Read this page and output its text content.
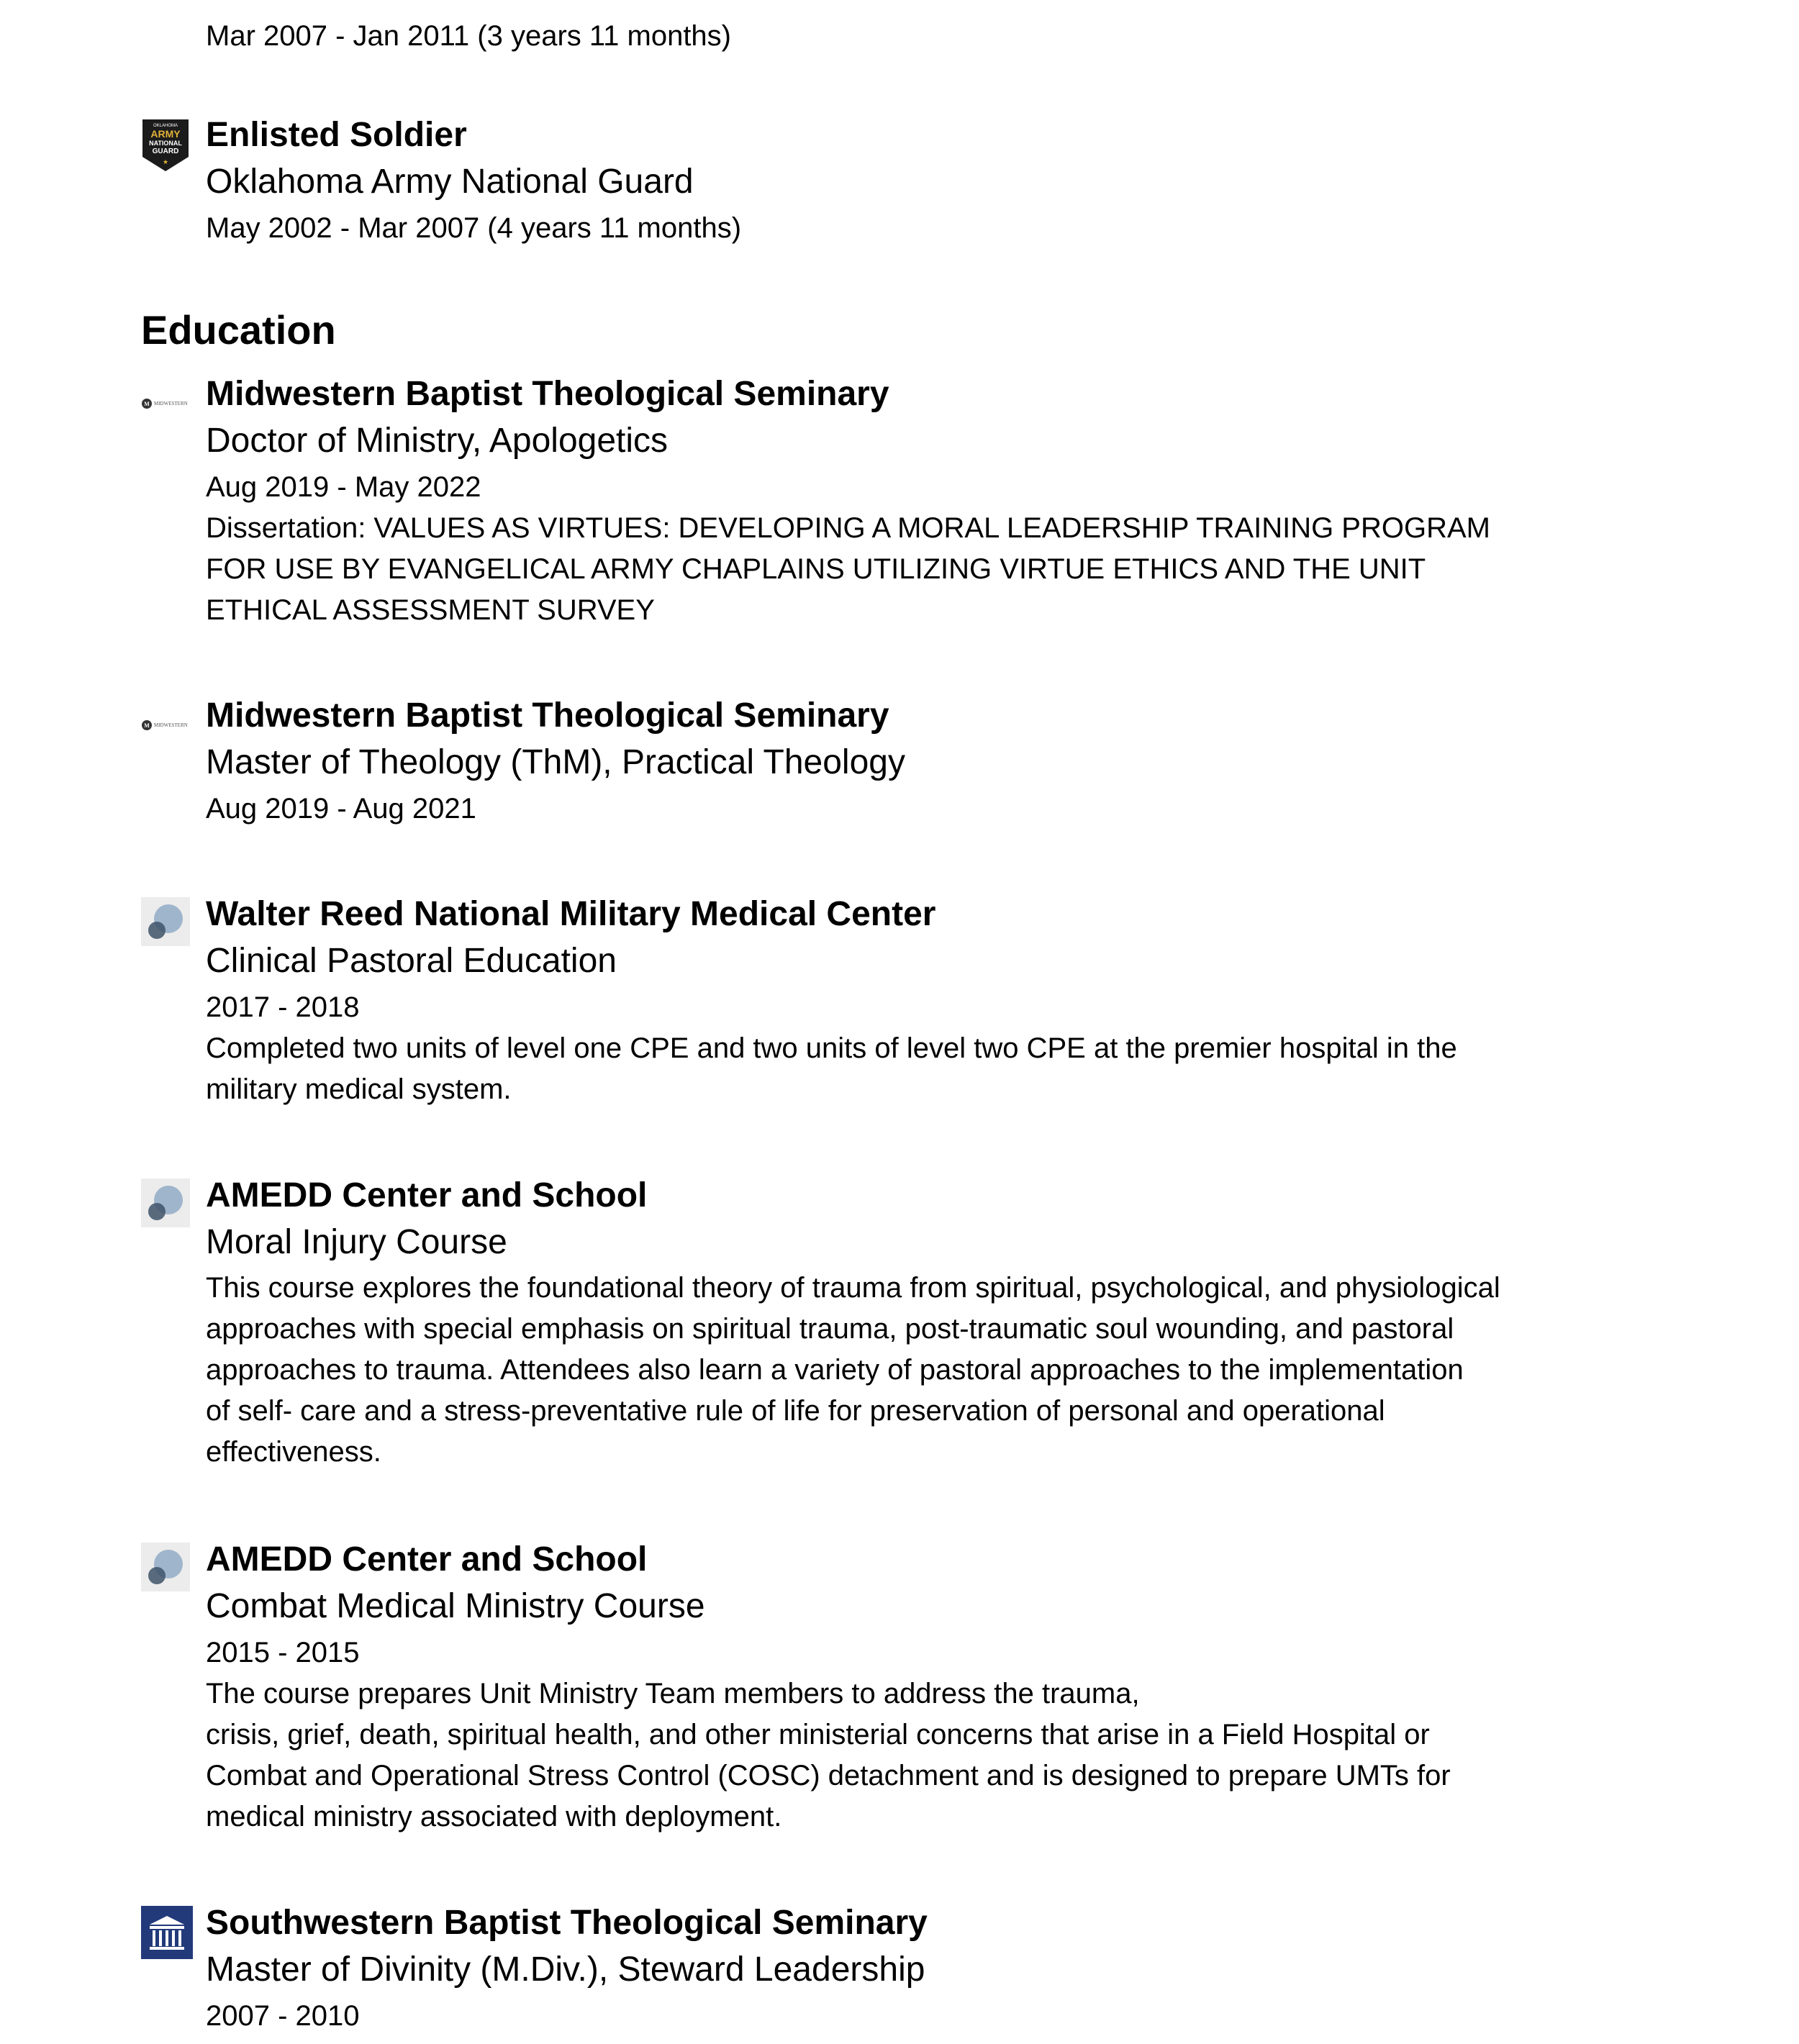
Mar 2007 - Jan 2011 (3 years 11 months)
OKLAHOMA
ARMY
NATIONAL
GUARD
★
Enlisted Soldier
Oklahoma Army National Guard
May 2002 - Mar 2007 (4 years 11 months)
Education
M MIDWESTERN Midwestern Baptist Theological Seminary
Doctor of Ministry, Apologetics
Aug 2019 - May 2022
Dissertation: VALUES AS VIRTUES: DEVELOPING A MORAL LEADERSHIP TRAINING PROGRAM
FOR USE BY EVANGELICAL ARMY CHAPLAINS UTILIZING VIRTUE ETHICS AND THE UNIT
ETHICAL ASSESSMENT SURVEY
M MIDWESTERN Midwestern Baptist Theological Seminary
Master of Theology (ThM), Practical Theology
Aug 2019 - Aug 2021
Walter Reed National Military Medical Center
Clinical Pastoral Education
2017 - 2018
Completed two units of level one CPE and two units of level two CPE at the premier hospital in the
military medical system.
AMEDD Center and School
Moral Injury Course
This course explores the foundational theory of trauma from spiritual, psychological, and physiological
approaches with special emphasis on spiritual trauma, post-traumatic soul wounding, and pastoral
approaches to trauma. Attendees also learn a variety of pastoral approaches to the implementation
of self- care and a stress-preventative rule of life for preservation of personal and operational
effectiveness.
AMEDD Center and School
Combat Medical Ministry Course
2015 - 2015
The course prepares Unit Ministry Team members to address the trauma,
crisis, grief, death, spiritual health, and other ministerial concerns that arise in a Field Hospital or
Combat and Operational Stress Control (COSC) detachment and is designed to prepare UMTs for
medical ministry associated with deployment.
Southwestern Baptist Theological Seminary
Master of Divinity (M.Div.), Steward Leadership
2007 - 2010
